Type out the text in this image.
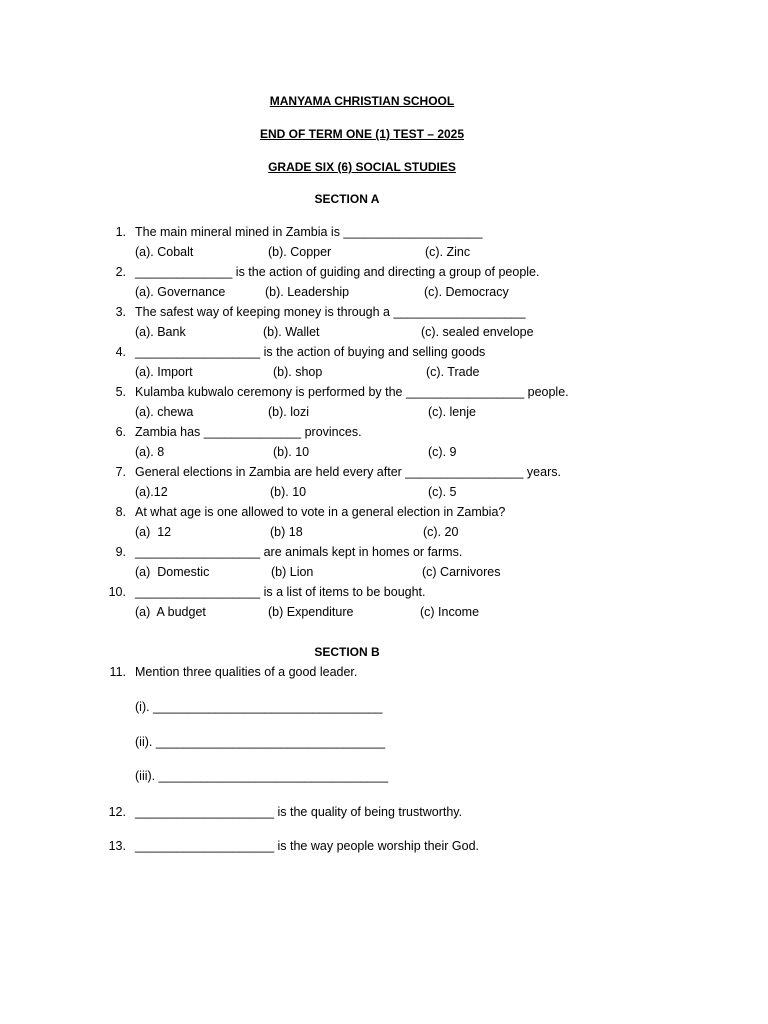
MANYAMA CHRISTIAN SCHOOL
END OF TERM ONE (1) TEST – 2025
GRADE SIX (6) SOCIAL STUDIES
SECTION A
1. The main mineral mined in Zambia is ____________________
(a). Cobalt	(b). Copper	(c). Zinc
2. ______________ is the action of guiding and directing a group of people.
(a). Governance	(b). Leadership	(c). Democracy
3. The safest way of keeping money is through a ___________________
(a). Bank	(b). Wallet	(c). sealed envelope
4. __________________ is the action of buying and selling goods
(a). Import	(b). shop	(c). Trade
5. Kulamba kubwalo ceremony is performed by the _________________ people.
(a). chewa	(b). lozi	(c). lenje
6. Zambia has ______________ provinces.
(a). 8	(b). 10	(c). 9
7. General elections in Zambia are held every after _________________ years.
(a).12	(b). 10	(c). 5
8. At what age is one allowed to vote in a general election in Zambia?
(a)  12	(b) 18	(c). 20
9. __________________ are animals kept in homes or farms.
(a)  Domestic	(b) Lion	(c) Carnivores
10. __________________ is a list of items to be bought.
(a)  A budget	(b) Expenditure	(c) Income
SECTION B
11. Mention three qualities of a good leader.
(i). _________________________________
(ii). _________________________________
(iii). _________________________________
12. ____________________ is the quality of being trustworthy.
13. ____________________ is the way people worship their God.
